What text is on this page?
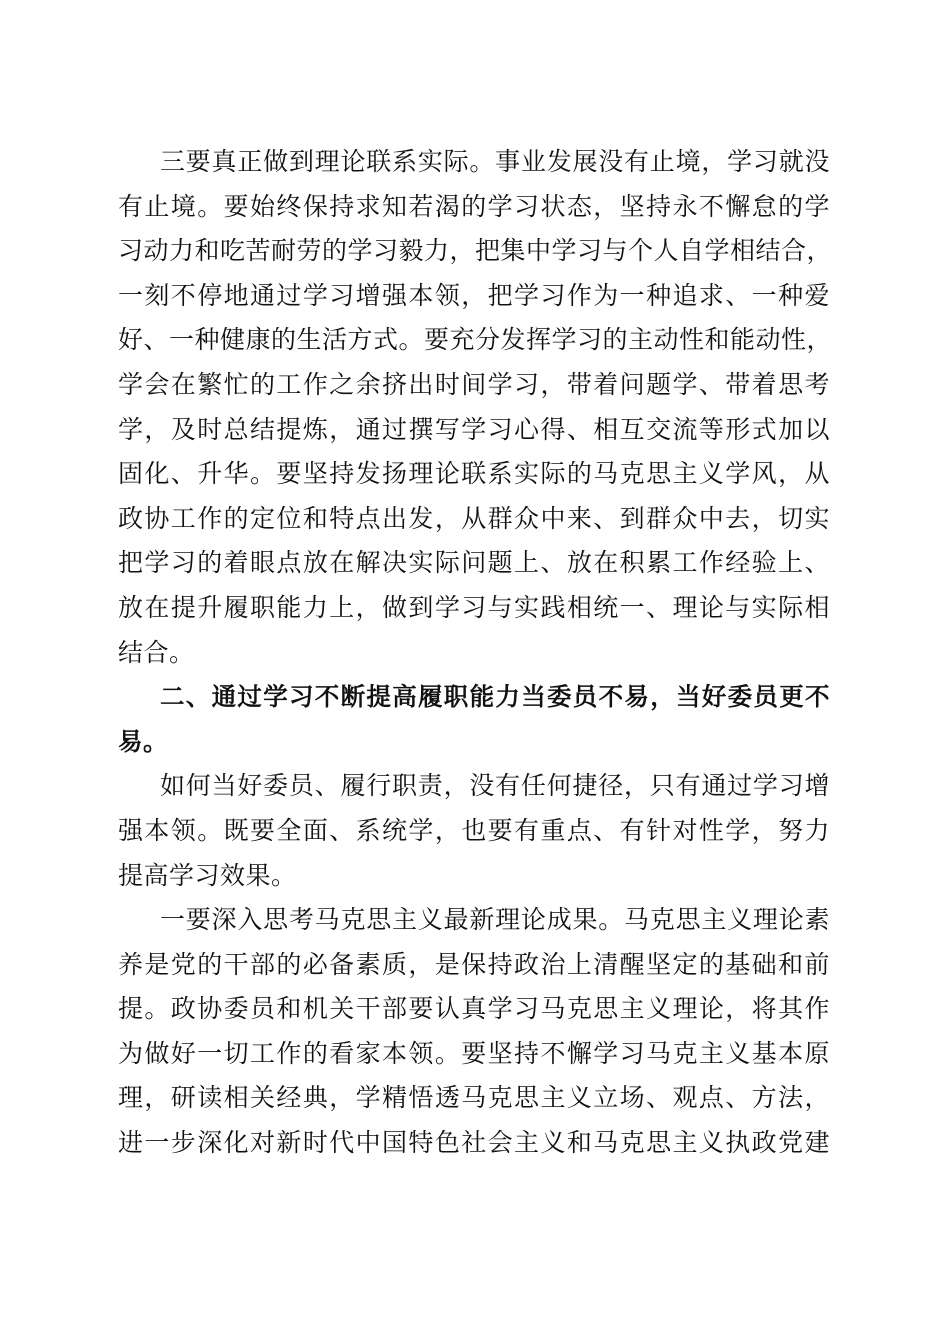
三要真正做到理论联系实际。事业发展没有止境，学习就没
有止境。要始终保持求知若渴的学习状态，坚持永不懈怠的学
习动力和吃苦耐劳的学习毅力，把集中学习与个人自学相结合，
一刻不停地通过学习增强本领，把学习作为一种追求、一种爱
好、一种健康的生活方式。要充分发挥学习的主动性和能动性，
学会在繁忙的工作之余挤出时间学习，带着问题学、带着思考
学，及时总结提炼，通过撰写学习心得、相互交流等形式加以
固化、升华。要坚持发扬理论联系实际的马克思主义学风，从
政协工作的定位和特点出发，从群众中来、到群众中去，切实
把学习的着眼点放在解决实际问题上、放在积累工作经验上、
放在提升履职能力上，做到学习与实践相统一、理论与实际相
结合。
二、通过学习不断提高履职能力当委员不易，当好委员更不
易。
如何当好委员、履行职责，没有任何捷径，只有通过学习增
强本领。既要全面、系统学，也要有重点、有针对性学，努力
提高学习效果。
一要深入思考马克思主义最新理论成果。马克思主义理论素
养是党的干部的必备素质，是保持政治上清醒坚定的基础和前
提。政协委员和机关干部要认真学习马克思主义理论，将其作
为做好一切工作的看家本领。要坚持不懈学习马克主义基本原
理，研读相关经典，学精悟透马克思主义立场、观点、方法，
进一步深化对新时代中国特色社会主义和马克思主义执政党建
